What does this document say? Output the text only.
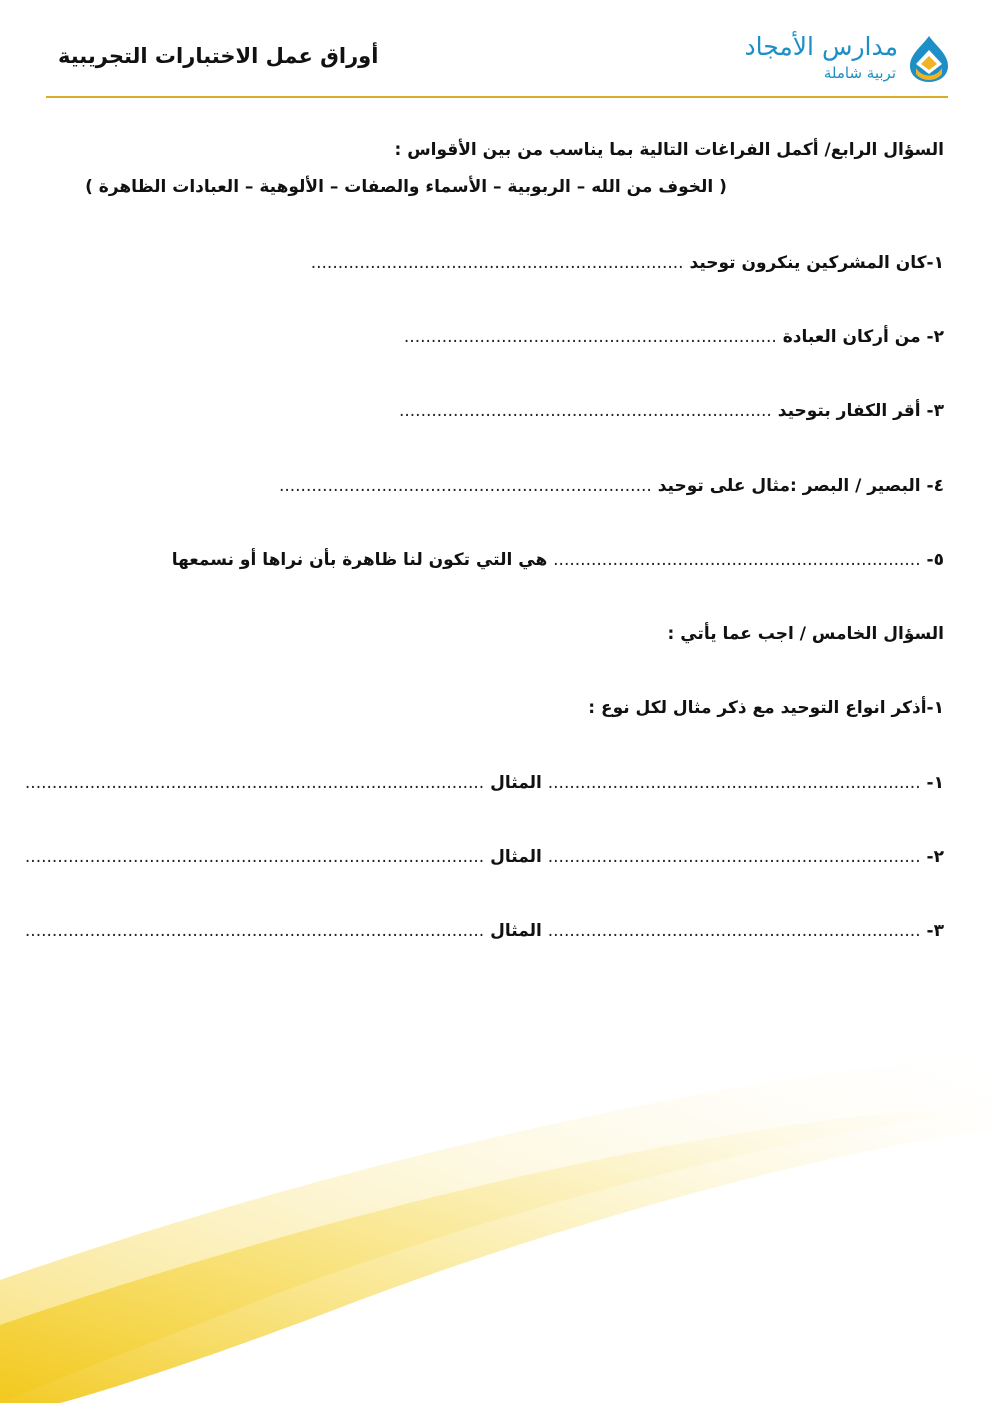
أوراق عمل الاختبارات التجريبية	مدارس الأمجاد
تربية شاملة
السؤال الرابع/ أكمل الفراغات التالية بما يناسب من بين الأقواس :
( الخوف من الله – الربوبية – الأسماء والصفات – الألوهية – العبادات الظاهرة )
١-كان المشركين ينكرون توحيد .....................................................................
٢- من أركان العبادة .....................................................................
٣- أقر الكفار بتوحيد .....................................................................
٤- البصير / البصر :مثال على توحيد .....................................................................
٥- .................................................................... هي التي تكون لنا ظاهرة بأن نراها أو نسمعها
السؤال الخامس / اجب عما يأتي :
١-أذكر انواع التوحيد مع ذكر مثال لكل نوع :
١- ..................................................................... المثال .....................................................................................
٢- ..................................................................... المثال .....................................................................................
٣- ..................................................................... المثال .....................................................................................
